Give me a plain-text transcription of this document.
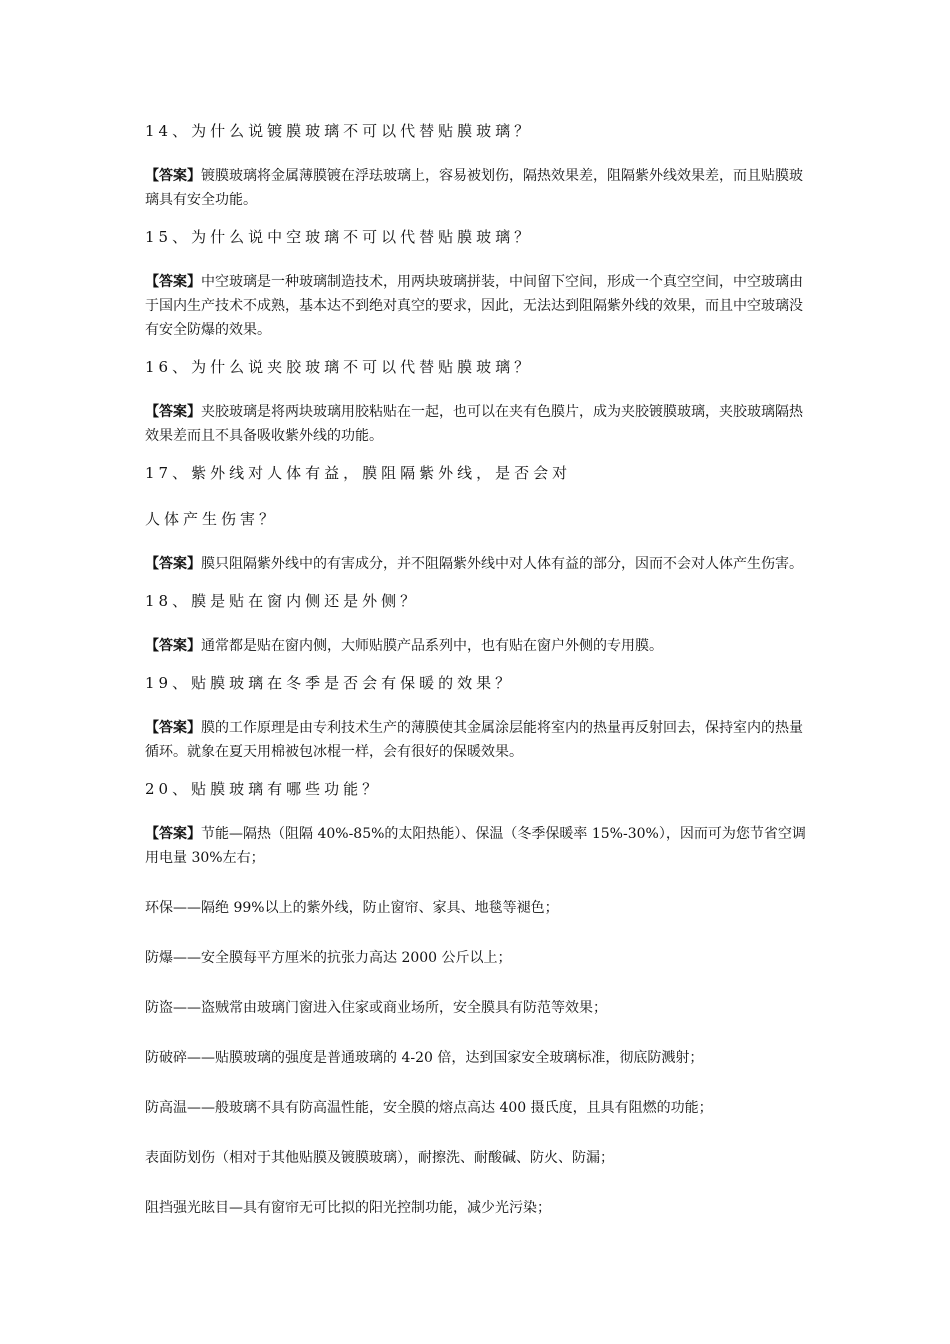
14、为什么说镀膜玻璃不可以代替贴膜玻璃？

【答案】镀膜玻璃将金属薄膜镀在浮珐玻璃上，容易被划伤，隔热效果差，阻隔紫外线效果差，而且贴膜玻璃具有安全功能。

15、为什么说中空玻璃不可以代替贴膜玻璃？

【答案】中空玻璃是一种玻璃制造技术，用两块玻璃拼装，中间留下空间，形成一个真空空间，中空玻璃由于国内生产技术不成熟，基本达不到绝对真空的要求，因此，无法达到阻隔紫外线的效果，而且中空玻璃没有安全防爆的效果。

16、为什么说夹胶玻璃不可以代替贴膜玻璃？

【答案】夹胶玻璃是将两块玻璃用胶粘贴在一起，也可以在夹有色膜片，成为夹胶镀膜玻璃，夹胶玻璃隔热效果差而且不具备吸收紫外线的功能。

17、紫外线对人体有益，膜阻隔紫外线，是否会对
人体产生伤害？

【答案】膜只阻隔紫外线中的有害成分，并不阻隔紫外线中对人体有益的部分，因而不会对人体产生伤害。

18、膜是贴在窗内侧还是外侧？

【答案】通常都是贴在窗内侧，大师贴膜产品系列中，也有贴在窗户外侧的专用膜。

19、贴膜玻璃在冬季是否会有保暖的效果？

【答案】膜的工作原理是由专利技术生产的薄膜使其金属涂层能将室内的热量再反射回去，保持室内的热量循环。就象在夏天用棉被包冰棍一样，会有很好的保暖效果。

20、贴膜玻璃有哪些功能？

【答案】节能—隔热（阻隔 40%-85%的太阳热能）、保温（冬季保暖率 15%-30%），因而可为您节省空调用电量 30%左右；

环保——隔绝 99%以上的紫外线，防止窗帘、家具、地毯等褪色；

防爆——安全膜每平方厘米的抗张力高达 2000 公斤以上；

防盗——盗贼常由玻璃门窗进入住家或商业场所，安全膜具有防范等效果；

防破碎——贴膜玻璃的强度是普通玻璃的 4-20 倍，达到国家安全玻璃标准，彻底防溅射；

防高温——般玻璃不具有防高温性能，安全膜的熔点高达 400 摄氏度，且具有阻燃的功能；

表面防划伤（相对于其他贴膜及镀膜玻璃），耐擦洗、耐酸碱、防火、防漏；

阻挡强光眩目—具有窗帘无可比拟的阳光控制功能，减少光污染；
